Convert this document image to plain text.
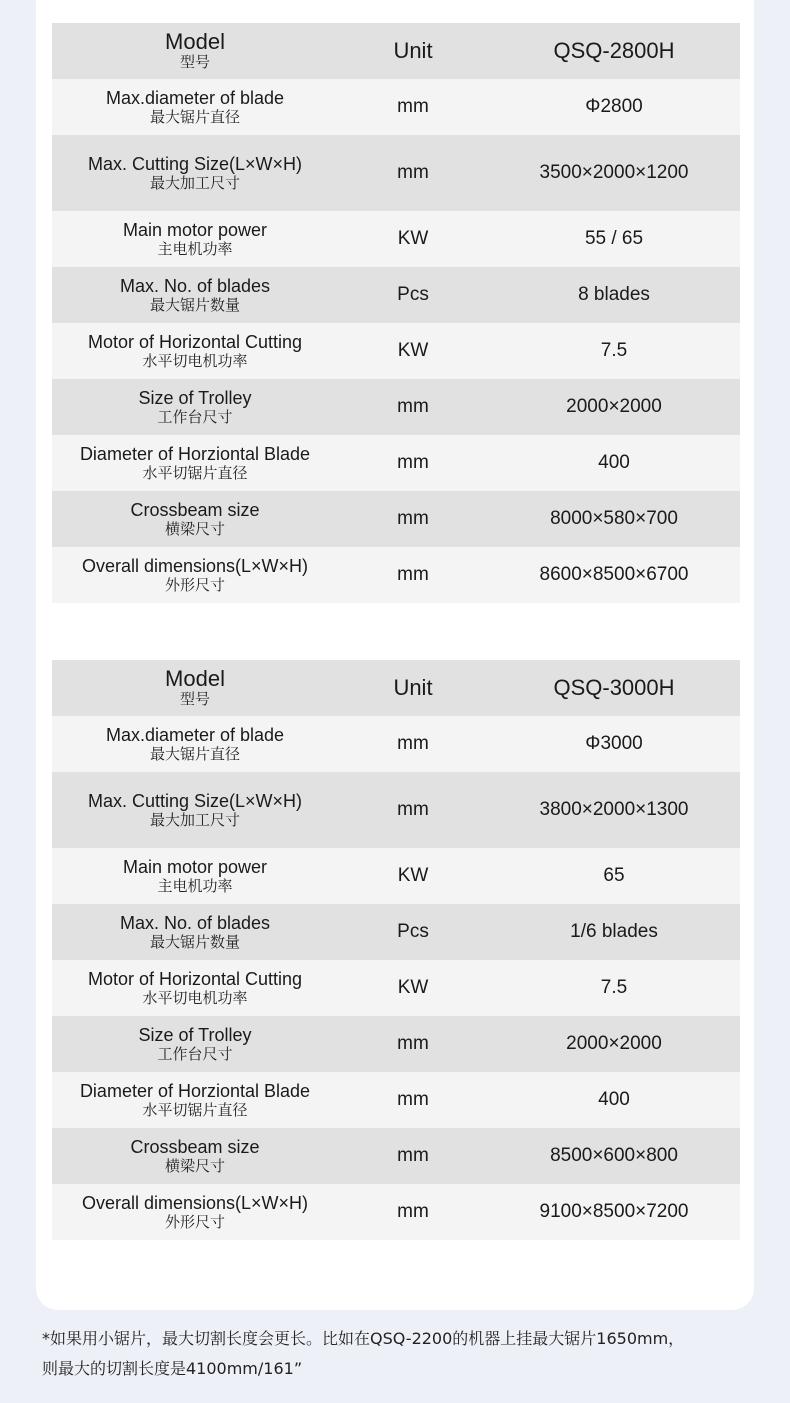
Model
型号	Unit	QSQ-2800H

Max.diameter of blade
最大锯片直径	mm	Φ2800

Max. Cutting Size(L×W×H)
最大加工尺寸	mm	3500×2000×1200

Main motor power
主电机功率	KW	55 / 65

Max. No. of blades
最大锯片数量	Pcs	8 blades

Motor of Horizontal Cutting
水平切电机功率	KW	7.5

Size of Trolley
工作台尺寸	mm	2000×2000

Diameter of Horziontal Blade
水平切锯片直径	mm	400

Crossbeam size
横梁尺寸	mm	8000×580×700

Overall dimensions(L×W×H)
外形尺寸	mm	8600×8500×6700
Model
型号	Unit	QSQ-3000H

Max.diameter of blade
最大锯片直径	mm	Φ3000

Max. Cutting Size(L×W×H)
最大加工尺寸	mm	3800×2000×1300

Main motor power
主电机功率	KW	65

Max. No. of blades
最大锯片数量	Pcs	1/6 blades

Motor of Horizontal Cutting
水平切电机功率	KW	7.5

Size of Trolley
工作台尺寸	mm	2000×2000

Diameter of Horziontal Blade
水平切锯片直径	mm	400

Crossbeam size
横梁尺寸	mm	8500×600×800

Overall dimensions(L×W×H)
外形尺寸	mm	9100×8500×7200
*如果用小锯片，最大切割长度会更长。比如在QSQ-2200的机器上挂最大锯片1650mm，
则最大的切割长度是4100mm/161”
